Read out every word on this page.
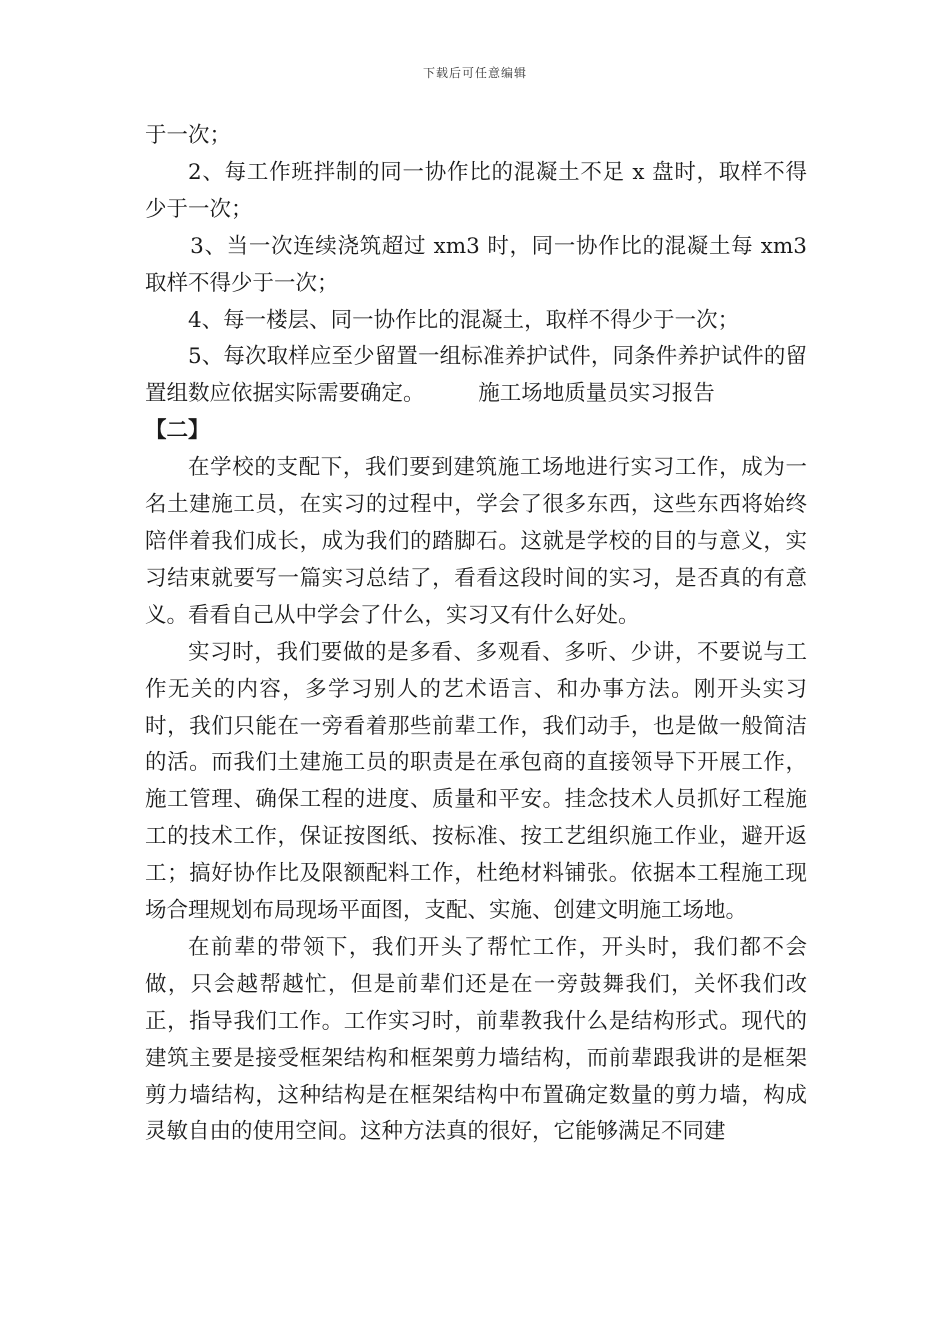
下载后可任意编辑

于一次；

2、每工作班拌制的同一协作比的混凝土不足 x 盘时，取样不得少于一次；

3、当一次连续浇筑超过 xm3 时，同一协作比的混凝土每 xm3 取样不得少于一次；

4、每一楼层、同一协作比的混凝土，取样不得少于一次；

5、每次取样应至少留置一组标准养护试件，同条件养护试件的留置组数应依据实际需要确定。　　　施工场地质量员实习报告

【二】

在学校的支配下，我们要到建筑施工场地进行实习工作，成为一名土建施工员，在实习的过程中，学会了很多东西，这些东西将始终陪伴着我们成长，成为我们的踏脚石。这就是学校的目的与意义，实习结束就要写一篇实习总结了，看看这段时间的实习，是否真的有意义。看看自己从中学会了什么，实习又有什么好处。

实习时，我们要做的是多看、多观看、多听、少讲，不要说与工作无关的内容，多学习别人的艺术语言、和办事方法。刚开头实习时，我们只能在一旁看着那些前辈工作，我们动手，也是做一般简洁的活。而我们土建施工员的职责是在承包商的直接领导下开展工作，施工管理、确保工程的进度、质量和平安。挂念技术人员抓好工程施工的技术工作，保证按图纸、按标准、按工艺组织施工作业，避开返工；搞好协作比及限额配料工作，杜绝材料铺张。依据本工程施工现场合理规划布局现场平面图，支配、实施、创建文明施工场地。

在前辈的带领下，我们开头了帮忙工作，开头时，我们都不会做，只会越帮越忙，但是前辈们还是在一旁鼓舞我们，关怀我们改正，指导我们工作。工作实习时，前辈教我什么是结构形式。现代的建筑主要是接受框架结构和框架剪力墙结构，而前辈跟我讲的是框架剪力墙结构，这种结构是在框架结构中布置确定数量的剪力墙，构成灵敏自由的使用空间。这种方法真的很好，它能够满足不同建
